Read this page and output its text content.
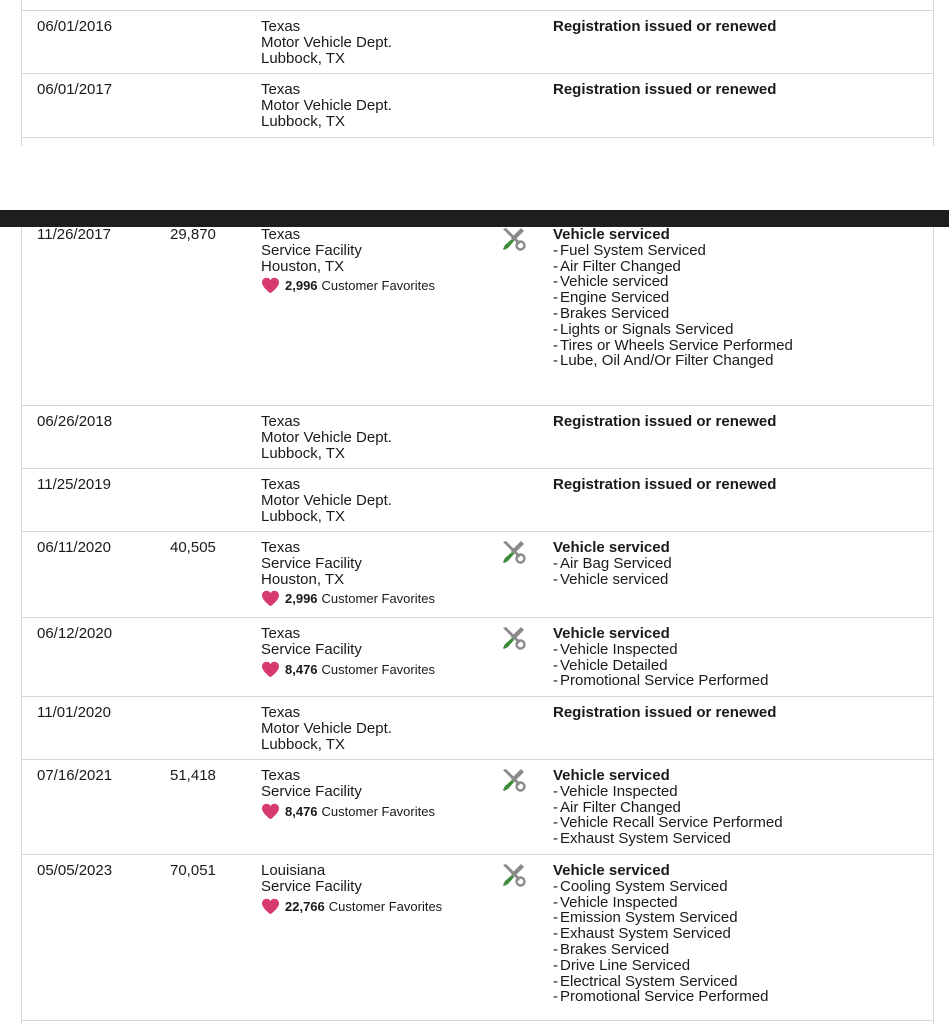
06/01/2016	Texas
Motor Vehicle Dept.
Lubbock, TX
Registration issued or renewed
06/01/2017	Texas
Motor Vehicle Dept.
Lubbock, TX
Registration issued or renewed
11/26/2017	29,870	Texas
Service Facility
Houston, TX
2,996 Customer Favorites
Vehicle serviced
- Fuel System Serviced
- Air Filter Changed
- Vehicle serviced
- Engine Serviced
- Brakes Serviced
- Lights or Signals Serviced
- Tires or Wheels Service Performed
- Lube, Oil And/Or Filter Changed
06/26/2018	Texas
Motor Vehicle Dept.
Lubbock, TX
Registration issued or renewed
11/25/2019	Texas
Motor Vehicle Dept.
Lubbock, TX
Registration issued or renewed
06/11/2020	40,505	Texas
Service Facility
Houston, TX
2,996 Customer Favorites
Vehicle serviced
- Air Bag Serviced
- Vehicle serviced
06/12/2020	Texas
Service Facility
8,476 Customer Favorites
Vehicle serviced
- Vehicle Inspected
- Vehicle Detailed
- Promotional Service Performed
11/01/2020	Texas
Motor Vehicle Dept.
Lubbock, TX
Registration issued or renewed
07/16/2021	51,418	Texas
Service Facility
8,476 Customer Favorites
Vehicle serviced
- Vehicle Inspected
- Air Filter Changed
- Vehicle Recall Service Performed
- Exhaust System Serviced
05/05/2023	70,051	Louisiana
Service Facility
22,766 Customer Favorites
Vehicle serviced
- Cooling System Serviced
- Vehicle Inspected
- Emission System Serviced
- Exhaust System Serviced
- Brakes Serviced
- Drive Line Serviced
- Electrical System Serviced
- Promotional Service Performed
